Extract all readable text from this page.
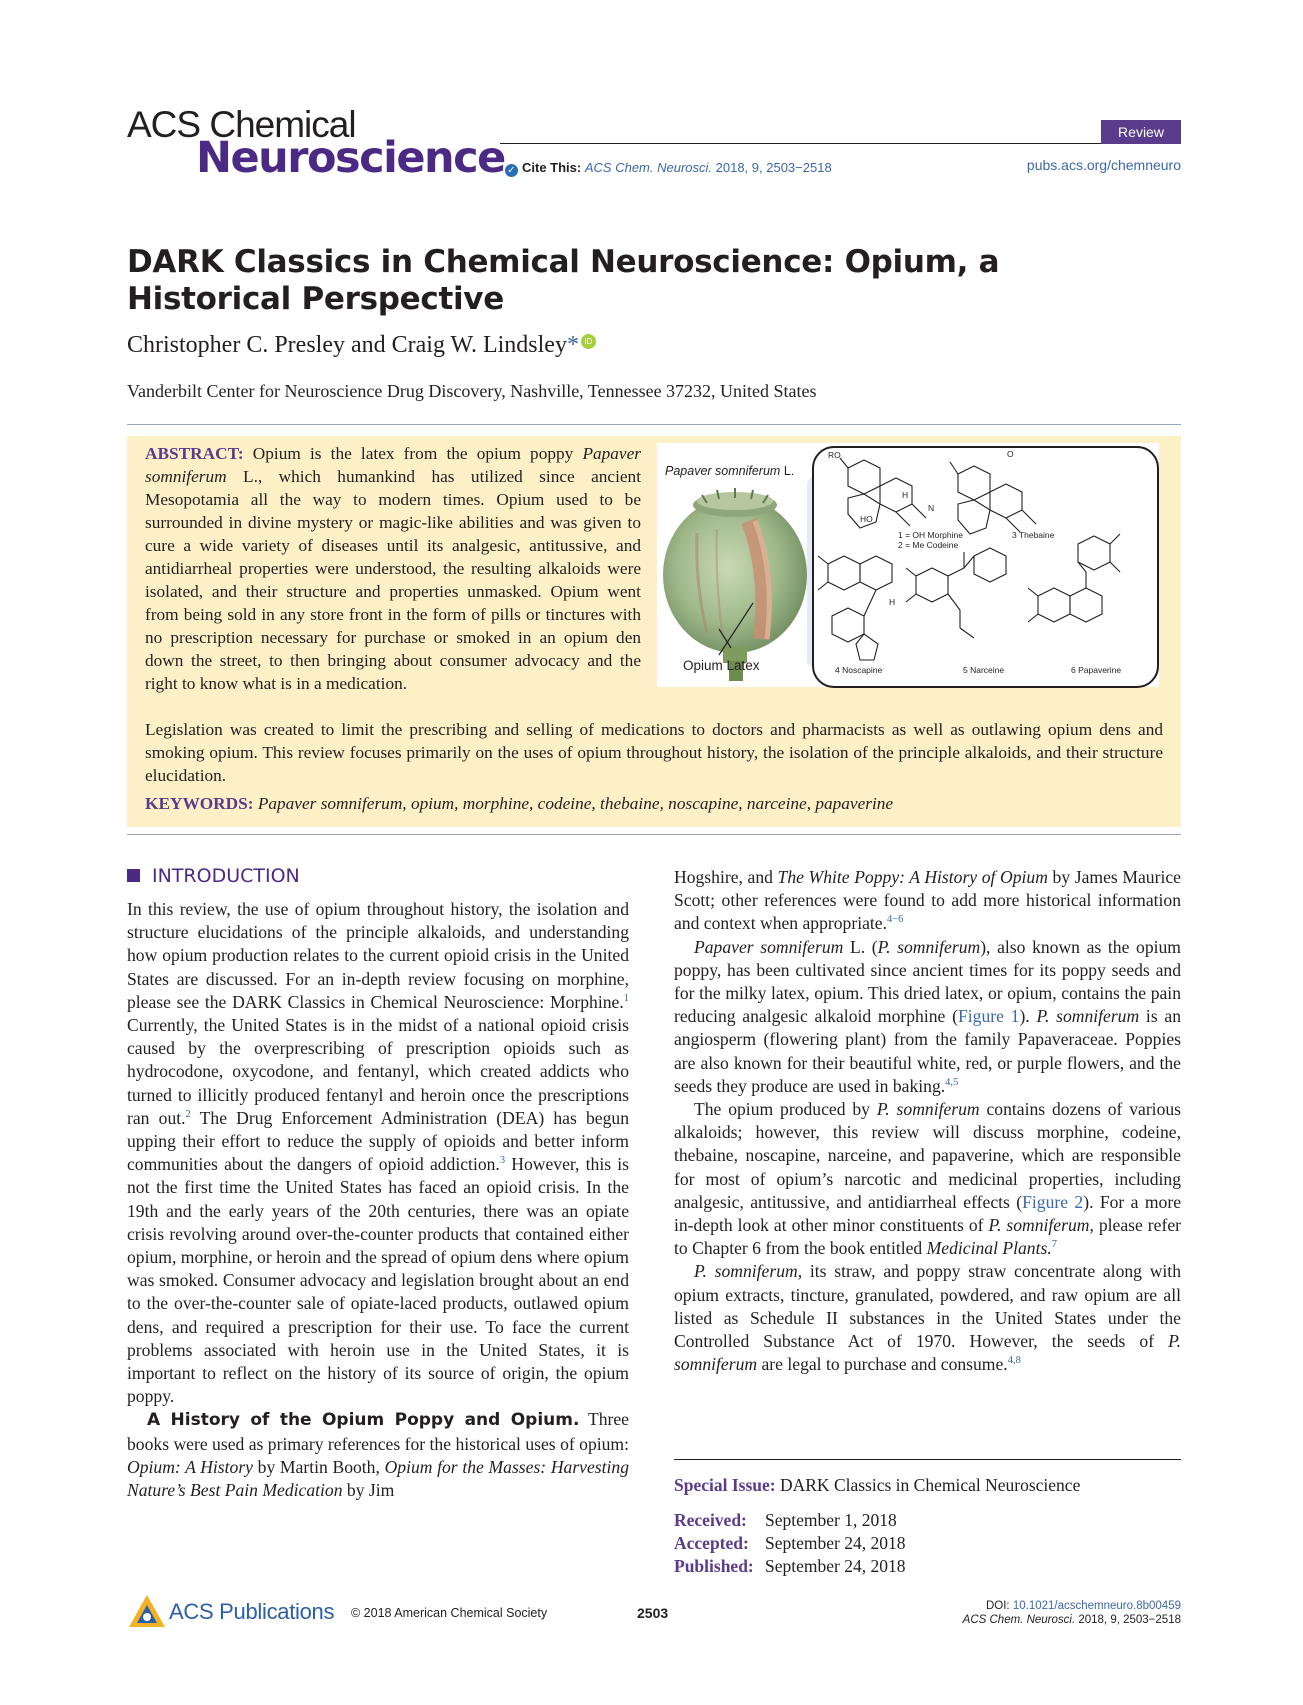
ACS Chemical
Neuroscience
Review
✓ Cite This: ACS Chem. Neurosci. 2018, 9, 2503−2518	pubs.acs.org/chemneuro
DARK Classics in Chemical Neuroscience: Opium, a Historical Perspective
Christopher C. Presley and Craig W. Lindsley* iD
Vanderbilt Center for Neuroscience Drug Discovery, Nashville, Tennessee 37232, United States
ABSTRACT: Opium is the latex from the opium poppy Papaver somniferum L., which humankind has utilized since ancient Mesopotamia all the way to modern times. Opium used to be surrounded in divine mystery or magic-like abilities and was given to cure a wide variety of diseases until its analgesic, antitussive, and antidiarrheal properties were understood, the resulting alkaloids were isolated, and their structure and properties unmasked. Opium went from being sold in any store front in the form of pills or tinctures with no prescription necessary for purchase or smoked in an opium den down the street, to then bringing about consumer advocacy and the right to know what is in a medication.
Legislation was created to limit the prescribing and selling of medications to doctors and pharmacists as well as outlawing opium dens and smoking opium. This review focuses primarily on the uses of opium throughout history, the isolation of the principle alkaloids, and their structure elucidation.
KEYWORDS: Papaver somniferum, opium, morphine, codeine, thebaine, noscapine, narceine, papaverine
Papaver somniferum L.
Opium Latex
RO
HO
H
N
O
H
1 = OH Morphine
2 = Me Codeine
3 Thebaine
4 Noscapine	5 Narceine	6 Papaverine
INTRODUCTION

In this review, the use of opium throughout history, the isolation and structure elucidations of the principle alkaloids, and understanding how opium production relates to the current opioid crisis in the United States are discussed. For an in-depth review focusing on morphine, please see the DARK Classics in Chemical Neuroscience: Morphine.$^1$ Currently, the United States is in the midst of a national opioid crisis caused by the overprescribing of prescription opioids such as hydrocodone, oxycodone, and fentanyl, which created addicts who turned to illicitly produced fentanyl and heroin once the prescriptions ran out.$^2$ The Drug Enforcement Administration (DEA) has begun upping their effort to reduce the supply of opioids and better inform communities about the dangers of opioid addiction.$^3$ However, this is not the first time the United States has faced an opioid crisis. In the 19th and the early years of the 20th centuries, there was an opiate crisis revolving around over-the-counter products that contained either opium, morphine, or heroin and the spread of opium dens where opium was smoked. Consumer advocacy and legislation brought about an end to the over-the-counter sale of opiate-laced products, outlawed opium dens, and required a prescription for their use. To face the current problems associated with heroin use in the United States, it is important to reflect on the history of its source of origin, the opium poppy.

A History of the Opium Poppy and Opium. Three books were used as primary references for the historical uses of opium: Opium: A History by Martin Booth, Opium for the Masses: Harvesting Nature’s Best Pain Medication by Jim

Hogshire, and The White Poppy: A History of Opium by James Maurice Scott; other references were found to add more historical information and context when appropriate.$^{4-6}$

Papaver somniferum L. (P. somniferum), also known as the opium poppy, has been cultivated since ancient times for its poppy seeds and for the milky latex, opium. This dried latex, or opium, contains the pain reducing analgesic alkaloid morphine (Figure 1). P. somniferum is an angiosperm (flowering plant) from the family Papaveraceae. Poppies are also known for their beautiful white, red, or purple flowers, and the seeds they produce are used in baking.$^{4,5}$

The opium produced by P. somniferum contains dozens of various alkaloids; however, this review will discuss morphine, codeine, thebaine, noscapine, narceine, and papaverine, which are responsible for most of opium’s narcotic and medicinal properties, including analgesic, antitussive, and antidiarrheal effects (Figure 2). For a more in-depth look at other minor constituents of P. somniferum, please refer to Chapter 6 from the book entitled Medicinal Plants.$^7$

P. somniferum, its straw, and poppy straw concentrate along with opium extracts, tincture, granulated, powdered, and raw opium are all listed as Schedule II substances in the United States under the Controlled Substance Act of 1970. However, the seeds of P. somniferum are legal to purchase and consume.$^{4,8}$

Special Issue: DARK Classics in Chemical Neuroscience
Received: September 1, 2018
Accepted: September 24, 2018
Published: September 24, 2018
ACS Publications © 2018 American Chemical Society	2503	DOI: 10.1021/acschemneuro.8b00459
ACS Chem. Neurosci. 2018, 9, 2503−2518
